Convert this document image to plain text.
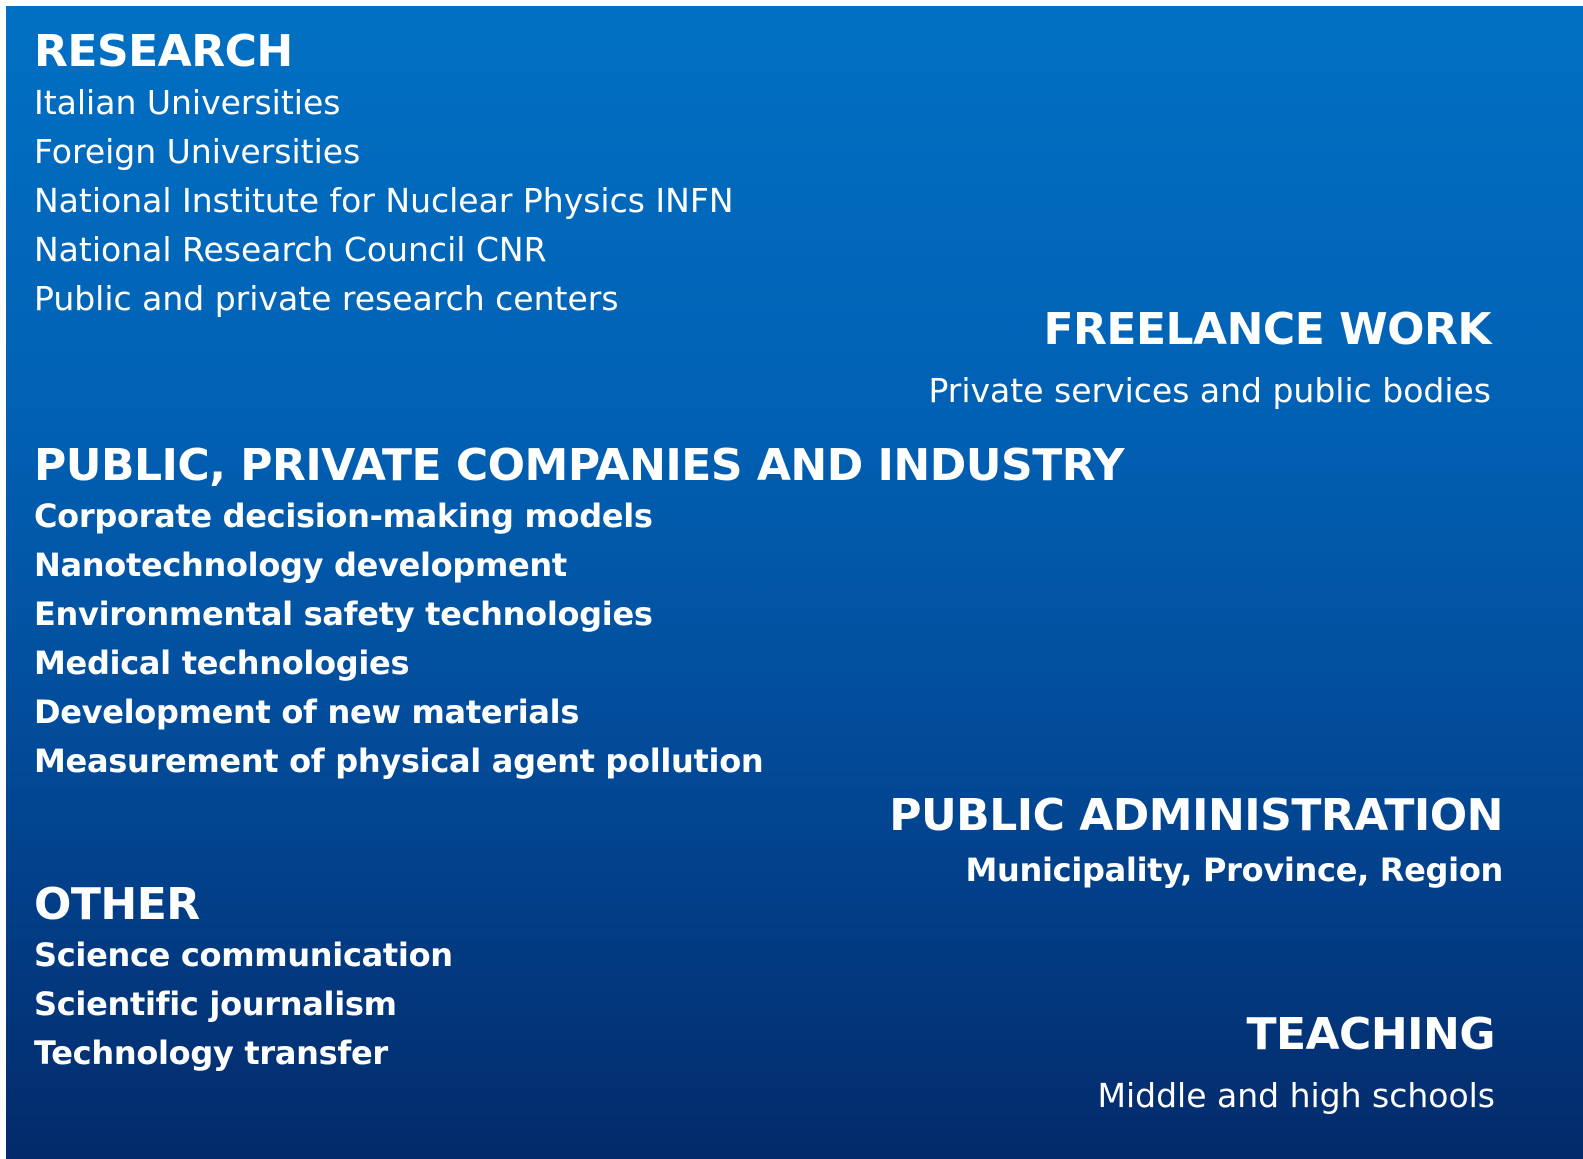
RESEARCH
Italian Universities
Foreign Universities
National Institute for Nuclear Physics INFN
National Research Council CNR
Public and private research centers
FREELANCE WORK
Private services and public bodies
PUBLIC, PRIVATE COMPANIES AND INDUSTRY
Corporate decision-making models
Nanotechnology development
Environmental safety technologies
Medical technologies
Development of new materials
Measurement of physical agent pollution
PUBLIC ADMINISTRATION
Municipality, Province, Region
OTHER
Science communication
Scientific journalism
Technology transfer	TEACHING
Middle and high schools
